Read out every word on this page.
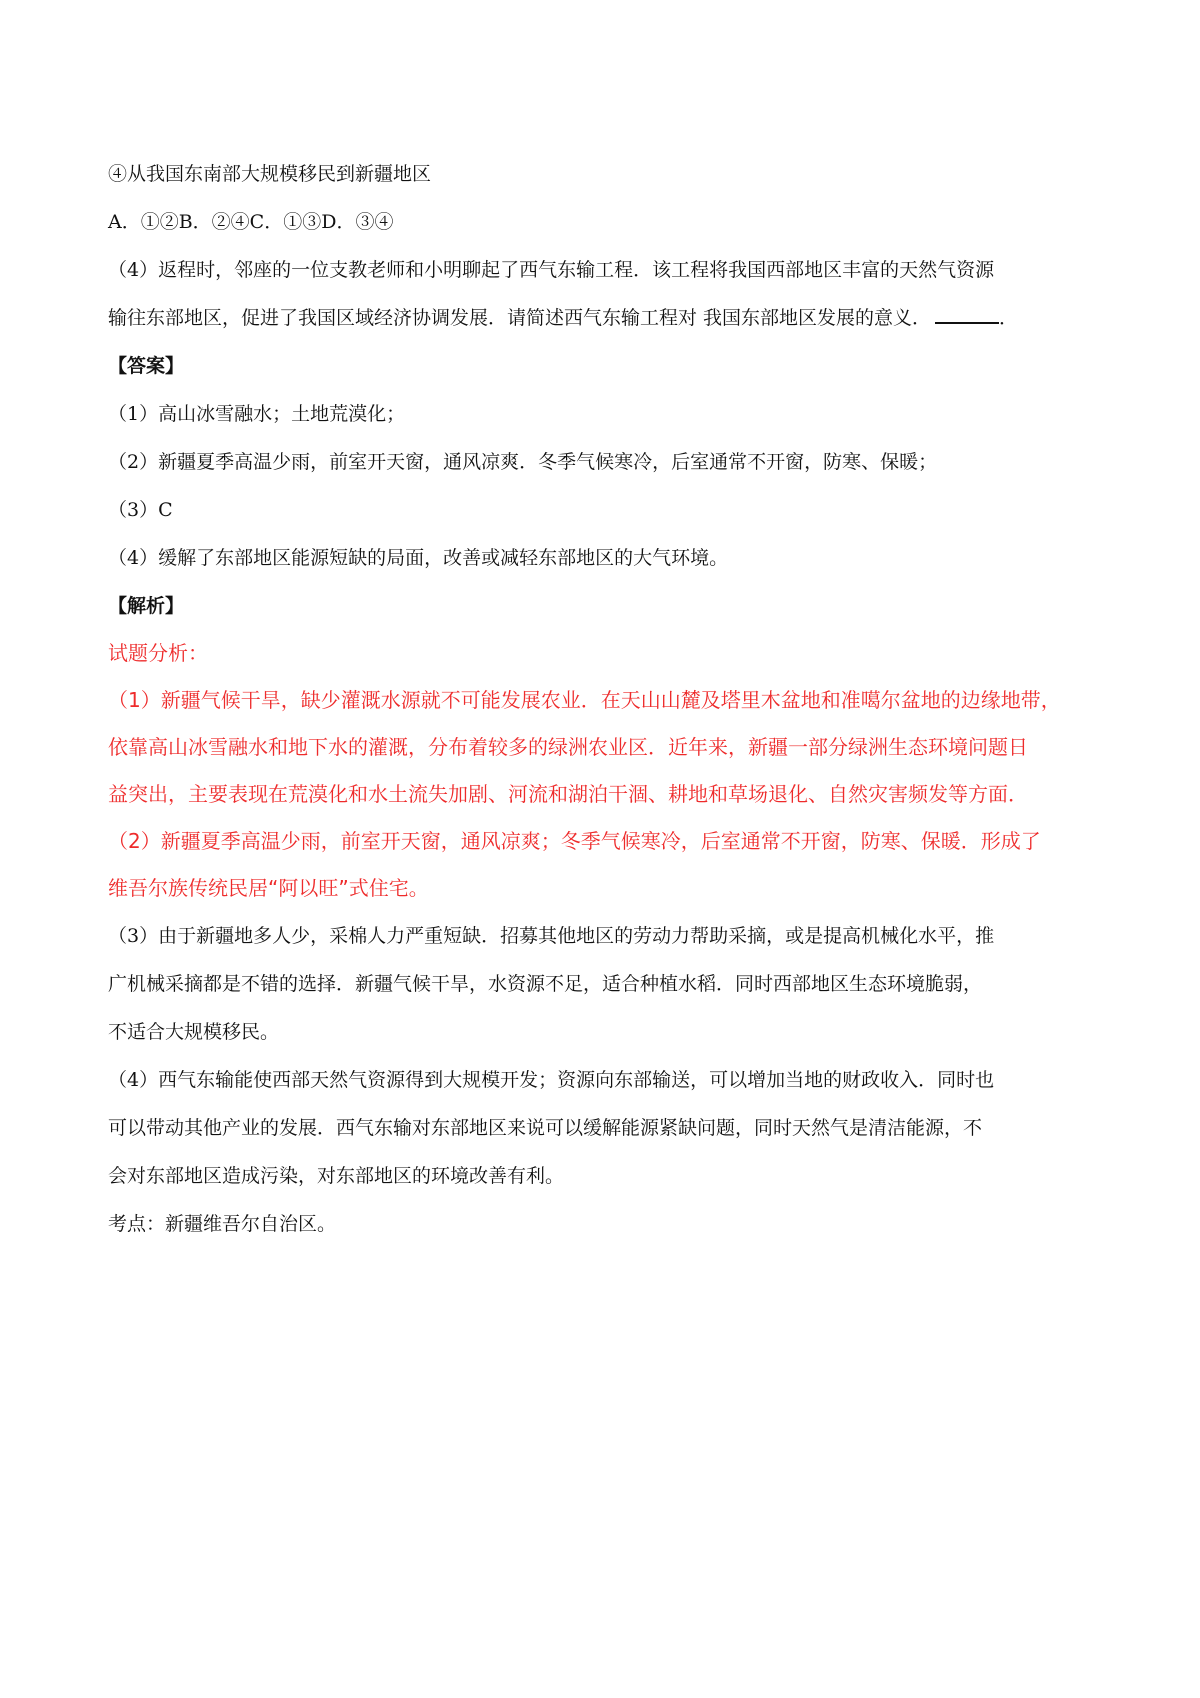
④从我国东南部大规模移民到新疆地区
A．①②B．②④C．①③D．③④
（4）返程时，邻座的一位支教老师和小明聊起了西气东输工程．该工程将我国西部地区丰富的天然气资源
输往东部地区，促进了我国区域经济协调发展．请简述西气东输工程对 我国东部地区发展的意义．	．
【答案】
（1）高山冰雪融水；土地荒漠化；
（2）新疆夏季高温少雨，前室开天窗，通风凉爽．冬季气候寒冷，后室通常不开窗，防寒、保暖；
（3）C
（4）缓解了东部地区能源短缺的局面，改善或减轻东部地区的大气环境。
【解析】
试题分析：
（1）新疆气候干旱，缺少灌溉水源就不可能发展农业．在天山山麓及塔里木盆地和准噶尔盆地的边缘地带，
依靠高山冰雪融水和地下水的灌溉，分布着较多的绿洲农业区．近年来，新疆一部分绿洲生态环境问题日
益突出，主要表现在荒漠化和水土流失加剧、河流和湖泊干涸、耕地和草场退化、自然灾害频发等方面．
（2）新疆夏季高温少雨，前室开天窗，通风凉爽；冬季气候寒冷，后室通常不开窗，防寒、保暖．形成了
维吾尔族传统民居“阿以旺”式住宅。
（3）由于新疆地多人少，采棉人力严重短缺．招募其他地区的劳动力帮助采摘，或是提高机械化水平，推
广机械采摘都是不错的选择．新疆气候干旱，水资源不足，适合种植水稻．同时西部地区生态环境脆弱，
不适合大规模移民。
（4）西气东输能使西部天然气资源得到大规模开发；资源向东部输送，可以增加当地的财政收入．同时也
可以带动其他产业的发展．西气东输对东部地区来说可以缓解能源紧缺问题，同时天然气是清洁能源，不
会对东部地区造成污染，对东部地区的环境改善有利。
考点：新疆维吾尔自治区。
